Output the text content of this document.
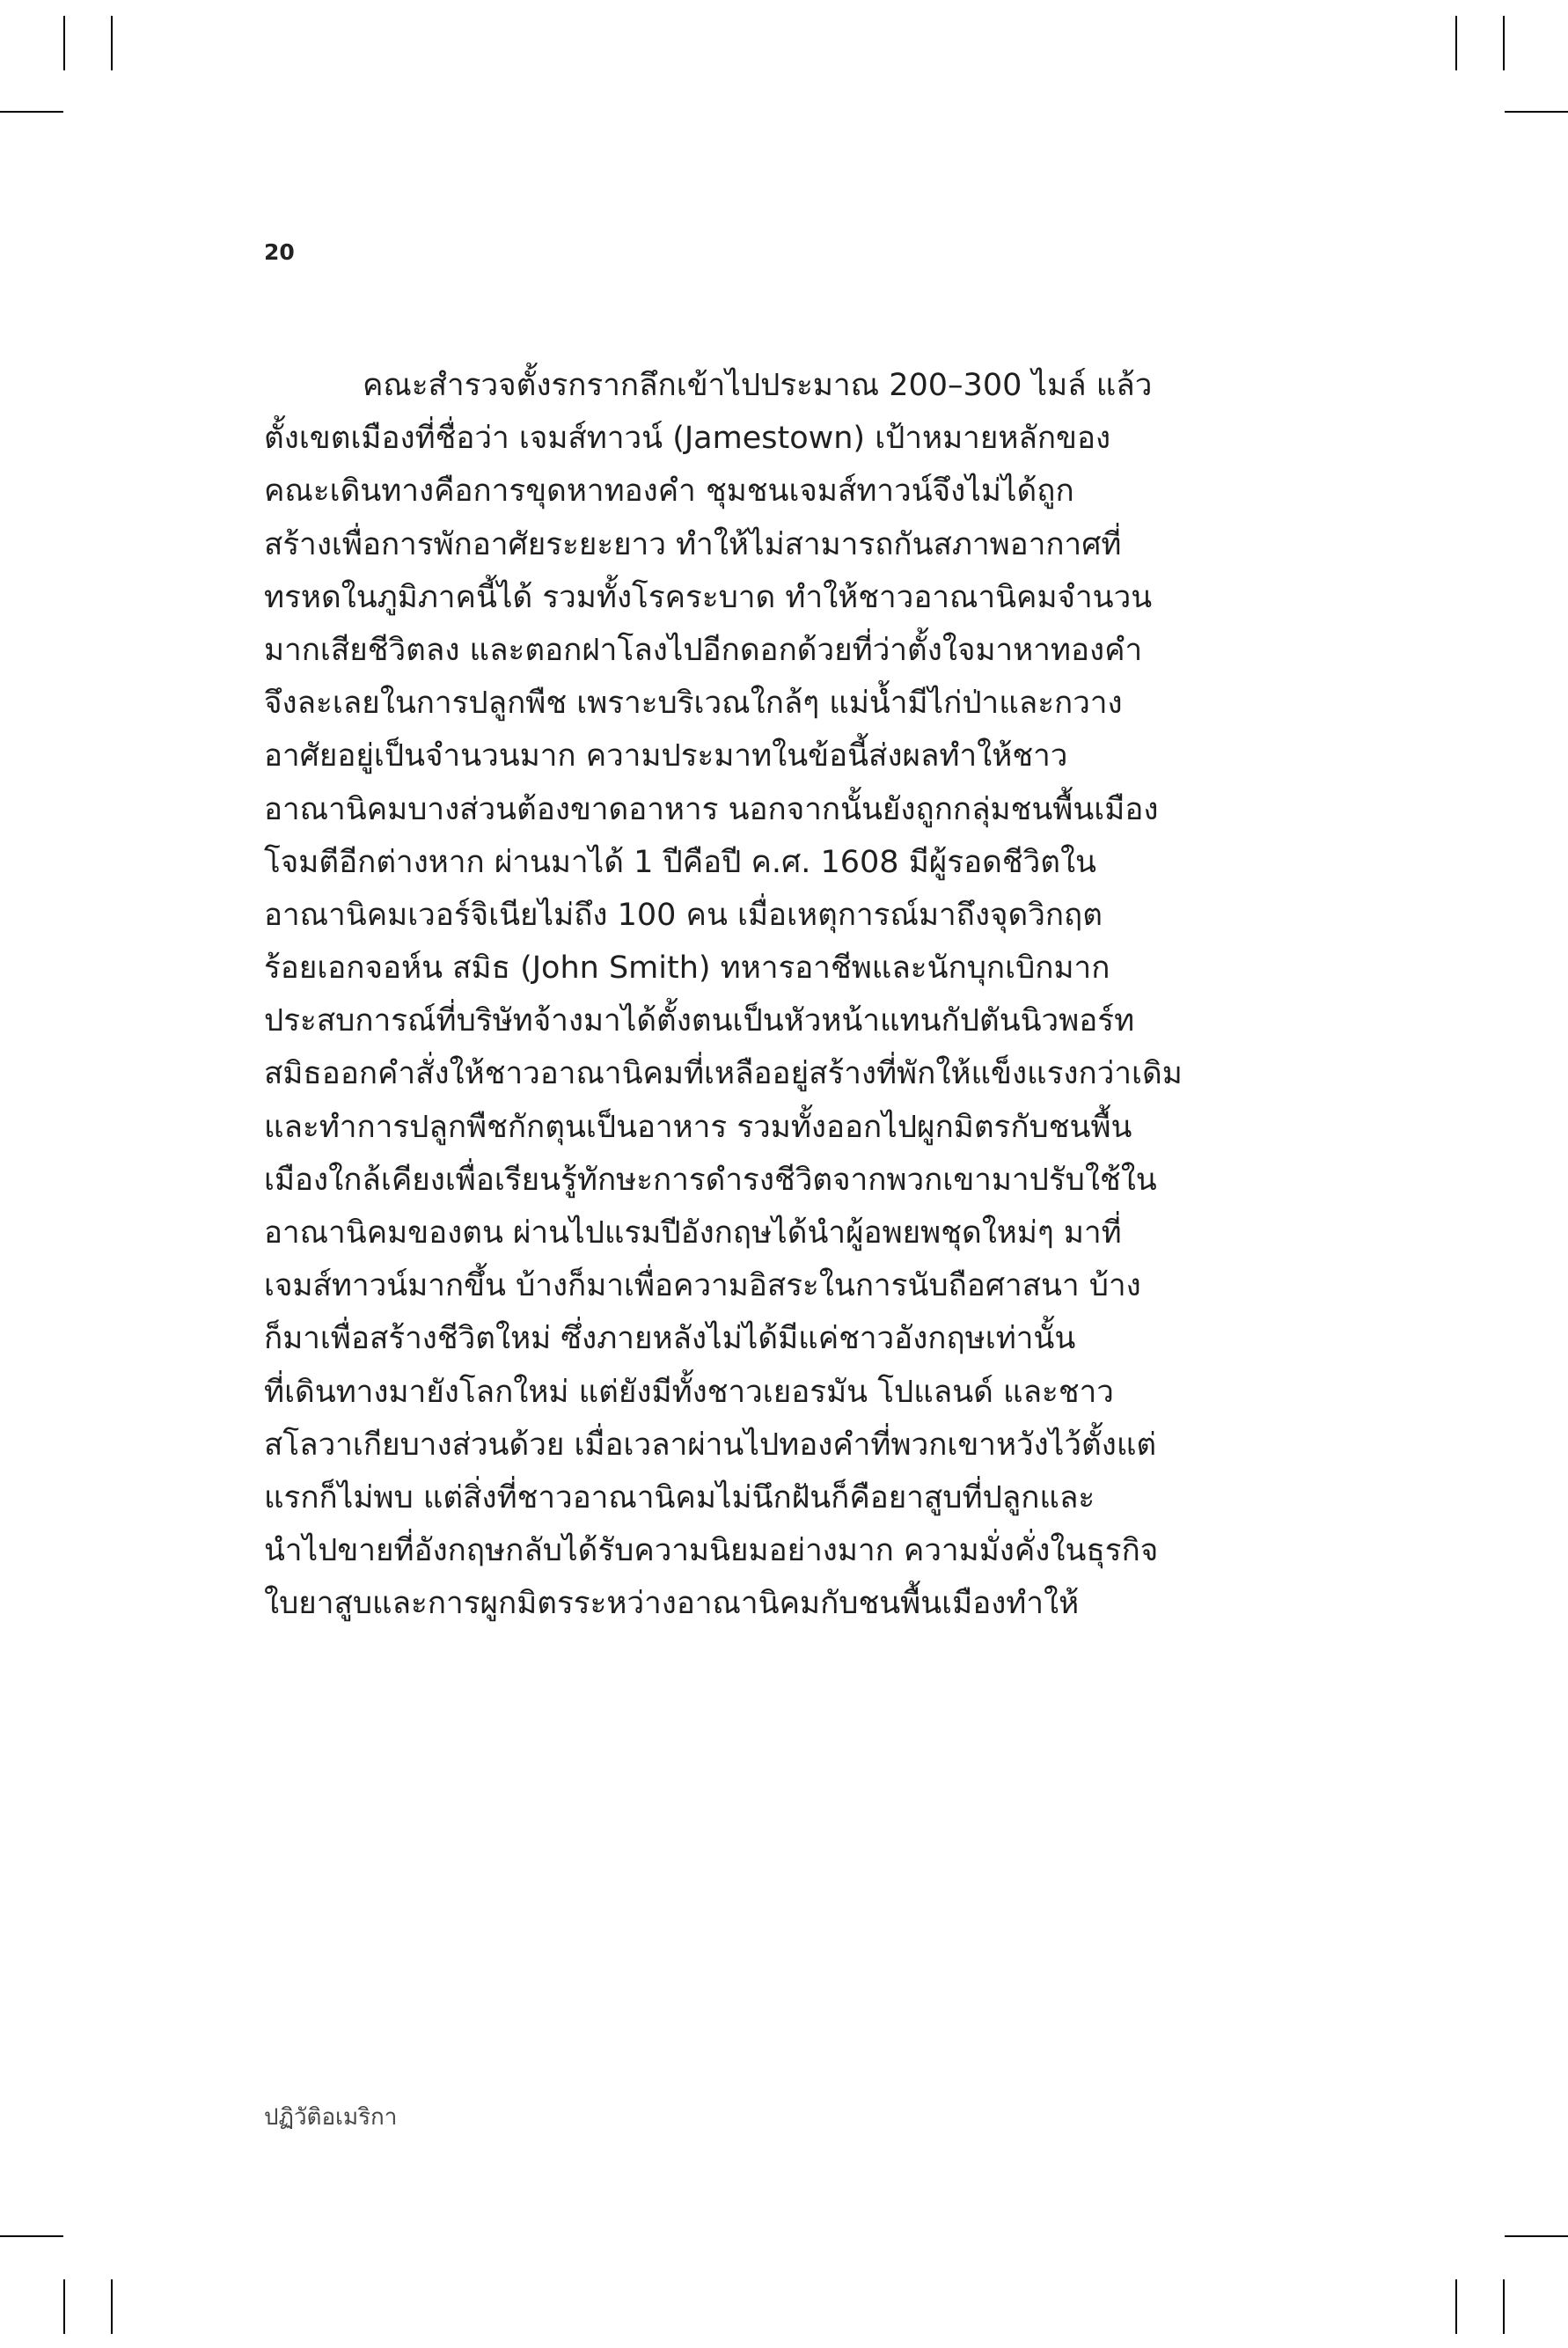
20
คณะสำรวจตั้งรกรากลึกเข้าไปประมาณ 200–300 ไมล์ แล้ว
ตั้งเขตเมืองที่ชื่อว่า เจมส์ทาวน์ (Jamestown) เป้าหมายหลักของ
คณะเดินทางคือการขุดหาทองคำ ชุมชนเจมส์ทาวน์จึงไม่ได้ถูก
สร้างเพื่อการพักอาศัยระยะยาว ทำให้ไม่สามารถกันสภาพอากาศที่
ทรหดในภูมิภาคนี้ได้ รวมทั้งโรคระบาด ทำให้ชาวอาณานิคมจำนวน
มากเสียชีวิตลง และตอกฝาโลงไปอีกดอกด้วยที่ว่าตั้งใจมาหาทองคำ
จึงละเลยในการปลูกพืช เพราะบริเวณใกล้ๆ แม่น้ำมีไก่ป่าและกวาง
อาศัยอยู่เป็นจำนวนมาก ความประมาทในข้อนี้ส่งผลทำให้ชาว
อาณานิคมบางส่วนต้องขาดอาหาร นอกจากนั้นยังถูกกลุ่มชนพื้นเมือง
โจมตีอีกต่างหาก ผ่านมาได้ 1 ปีคือปี ค.ศ. 1608 มีผู้รอดชีวิตใน
อาณานิคมเวอร์จิเนียไม่ถึง 100 คน เมื่อเหตุการณ์มาถึงจุดวิกฤต
ร้อยเอกจอห์น สมิธ (John Smith) ทหารอาชีพและนักบุกเบิกมาก
ประสบการณ์ที่บริษัทจ้างมาได้ตั้งตนเป็นหัวหน้าแทนกัปตันนิวพอร์ท
สมิธออกคำสั่งให้ชาวอาณานิคมที่เหลืออยู่สร้างที่พักให้แข็งแรงกว่าเดิม
และทำการปลูกพืชกักตุนเป็นอาหาร รวมทั้งออกไปผูกมิตรกับชนพื้น
เมืองใกล้เคียงเพื่อเรียนรู้ทักษะการดำรงชีวิตจากพวกเขามาปรับใช้ใน
อาณานิคมของตน ผ่านไปแรมปีอังกฤษได้นำผู้อพยพชุดใหม่ๆ มาที่
เจมส์ทาวน์มากขึ้น บ้างก็มาเพื่อความอิสระในการนับถือศาสนา บ้าง
ก็มาเพื่อสร้างชีวิตใหม่ ซึ่งภายหลังไม่ได้มีแค่ชาวอังกฤษเท่านั้น
ที่เดินทางมายังโลกใหม่ แต่ยังมีทั้งชาวเยอรมัน โปแลนด์ และชาว
สโลวาเกียบางส่วนด้วย เมื่อเวลาผ่านไปทองคำที่พวกเขาหวังไว้ตั้งแต่
แรกก็ไม่พบ แต่สิ่งที่ชาวอาณานิคมไม่นึกฝันก็คือยาสูบที่ปลูกและ
นำไปขายที่อังกฤษกลับได้รับความนิยมอย่างมาก ความมั่งคั่งในธุรกิจ
ใบยาสูบและการผูกมิตรระหว่างอาณานิคมกับชนพื้นเมืองทำให้
ปฏิวัติอเมริกา
